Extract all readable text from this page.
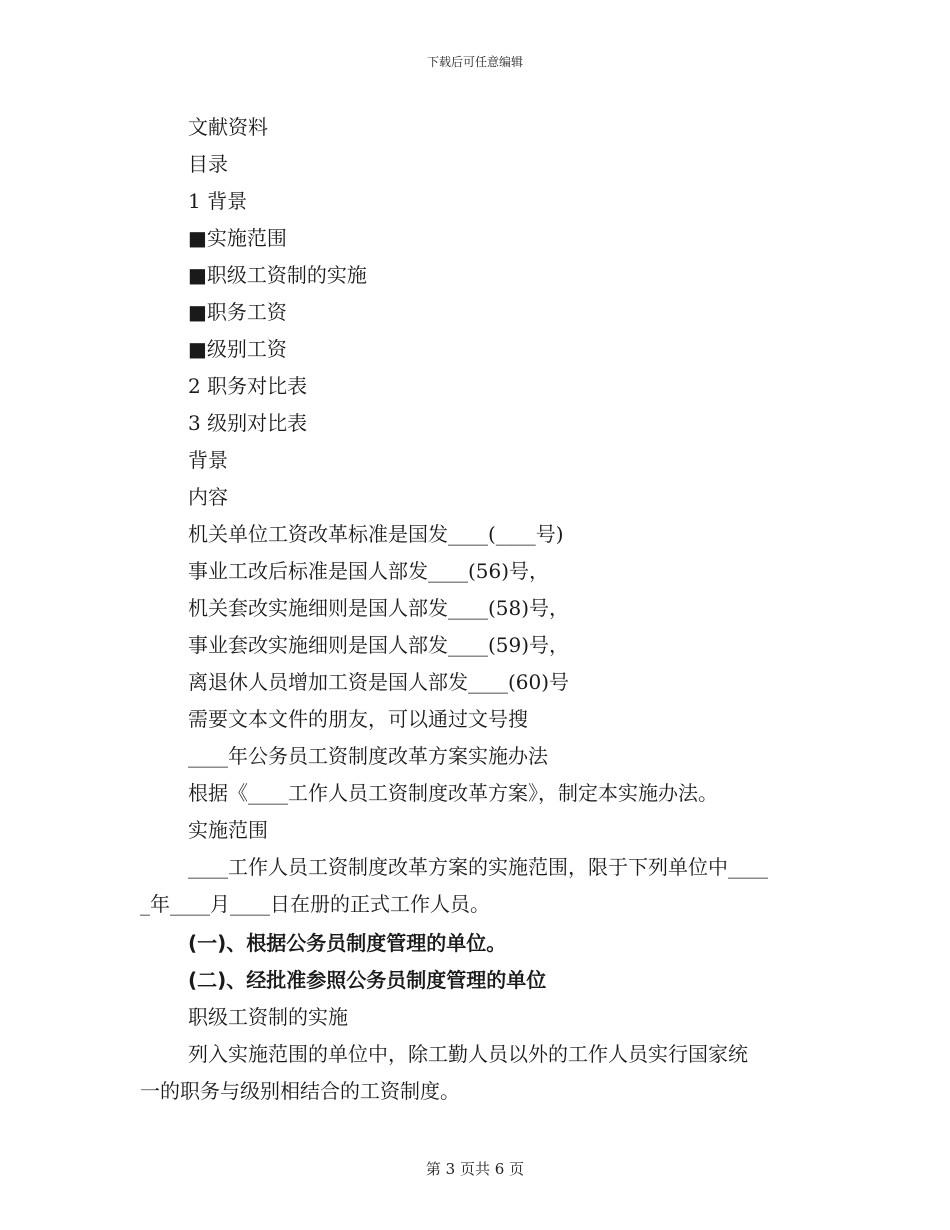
下载后可任意编辑
文献资料
目录
1 背景
■实施范围
■职级工资制的实施
■职务工资
■级别工资
2 职务对比表
3 级别对比表
背景
内容
机关单位工资改革标准是国发____(____号)
事业工改后标准是国人部发____(56)号，
机关套改实施细则是国人部发____(58)号，
事业套改实施细则是国人部发____(59)号，
离退休人员增加工资是国人部发____(60)号
需要文本文件的朋友，可以通过文号搜
____年公务员工资制度改革方案实施办法
根据《____工作人员工资制度改革方案》，制定本实施办法。
实施范围
____工作人员工资制度改革方案的实施范围，限于下列单位中____
_年____月____日在册的正式工作人员。
(一)、根据公务员制度管理的单位。
(二)、经批准参照公务员制度管理的单位
职级工资制的实施
列入实施范围的单位中，除工勤人员以外的工作人员实行国家统
一的职务与级别相结合的工资制度。
第 3 页共 6 页
